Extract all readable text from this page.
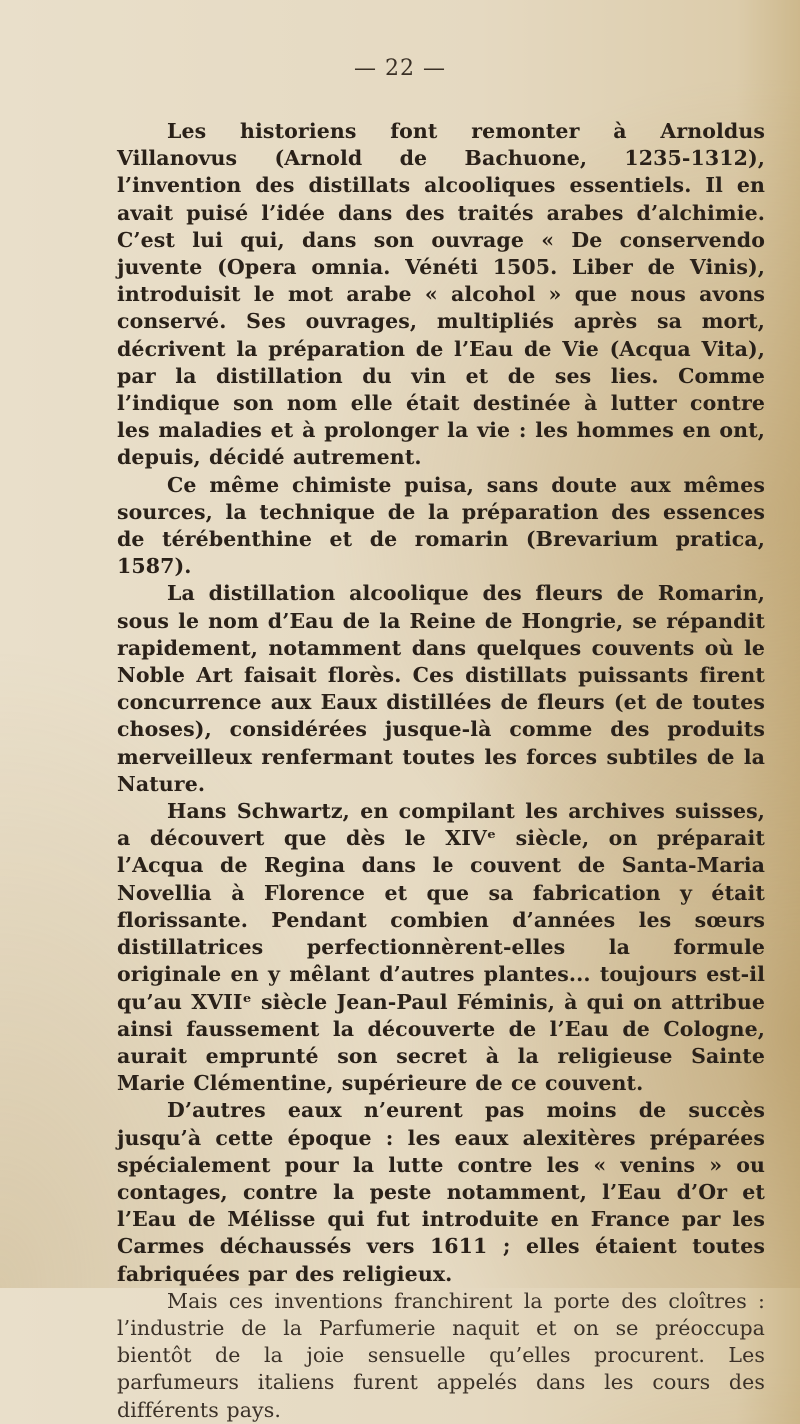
— 22 —

Les historiens font remonter à Arnoldus Villanovus (Arnold de Bachuone, 1235-1312), l’invention des distillats alcooliques essentiels. Il en avait puisé l’idée dans des traités arabes d’alchimie. C’est lui qui, dans son ouvrage « De conservendo juvente (Opera omnia. Vénéti 1505. Liber de Vinis), introduisit le mot arabe « alcohol » que nous avons conservé. Ses ouvrages, multipliés après sa mort, décrivent la préparation de l’Eau de Vie (Acqua Vita), par la distillation du vin et de ses lies. Comme l’indique son nom elle était destinée à lutter contre les maladies et à prolonger la vie : les hommes en ont, depuis, décidé autrement.

Ce même chimiste puisa, sans doute aux mêmes sources, la technique de la préparation des essences de térébenthine et de romarin (Brevarium pratica, 1587).

La distillation alcoolique des fleurs de Romarin, sous le nom d’Eau de la Reine de Hongrie, se répandit rapidement, notamment dans quelques couvents où le Noble Art faisait florès. Ces distillats puissants firent concurrence aux Eaux distillées de fleurs (et de toutes choses), considérées jusque-là comme des produits merveilleux renfermant toutes les forces subtiles de la Nature.

Hans Schwartz, en compilant les archives suisses, a découvert que dès le XIVᵉ siècle, on préparait l’Acqua de Regina dans le couvent de Santa-Maria Novellia à Florence et que sa fabrication y était florissante. Pendant combien d’années les sœurs distillatrices perfectionnèrent-elles la formule originale en y mêlant d’autres plantes... toujours est-il qu’au XVIIᵉ siècle Jean-Paul Féminis, à qui on attribue ainsi faussement la découverte de l’Eau de Cologne, aurait emprunté son secret à la religieuse Sainte Marie Clémentine, supérieure de ce couvent.

D’autres eaux n’eurent pas moins de succès jusqu’à cette époque : les eaux alexitères préparées spécialement pour la lutte contre les « venins » ou contages, contre la peste notamment, l’Eau d’Or et l’Eau de Mélisse qui fut introduite en France par les Carmes déchaussés vers 1611 ; elles étaient toutes fabriquées par des religieux.

Mais ces inventions franchirent la porte des cloîtres : l’industrie de la Parfumerie naquit et on se préoccupa bientôt de la joie sensuelle qu’elles procurent. Les parfumeurs italiens furent appelés dans les cours des différents pays.
